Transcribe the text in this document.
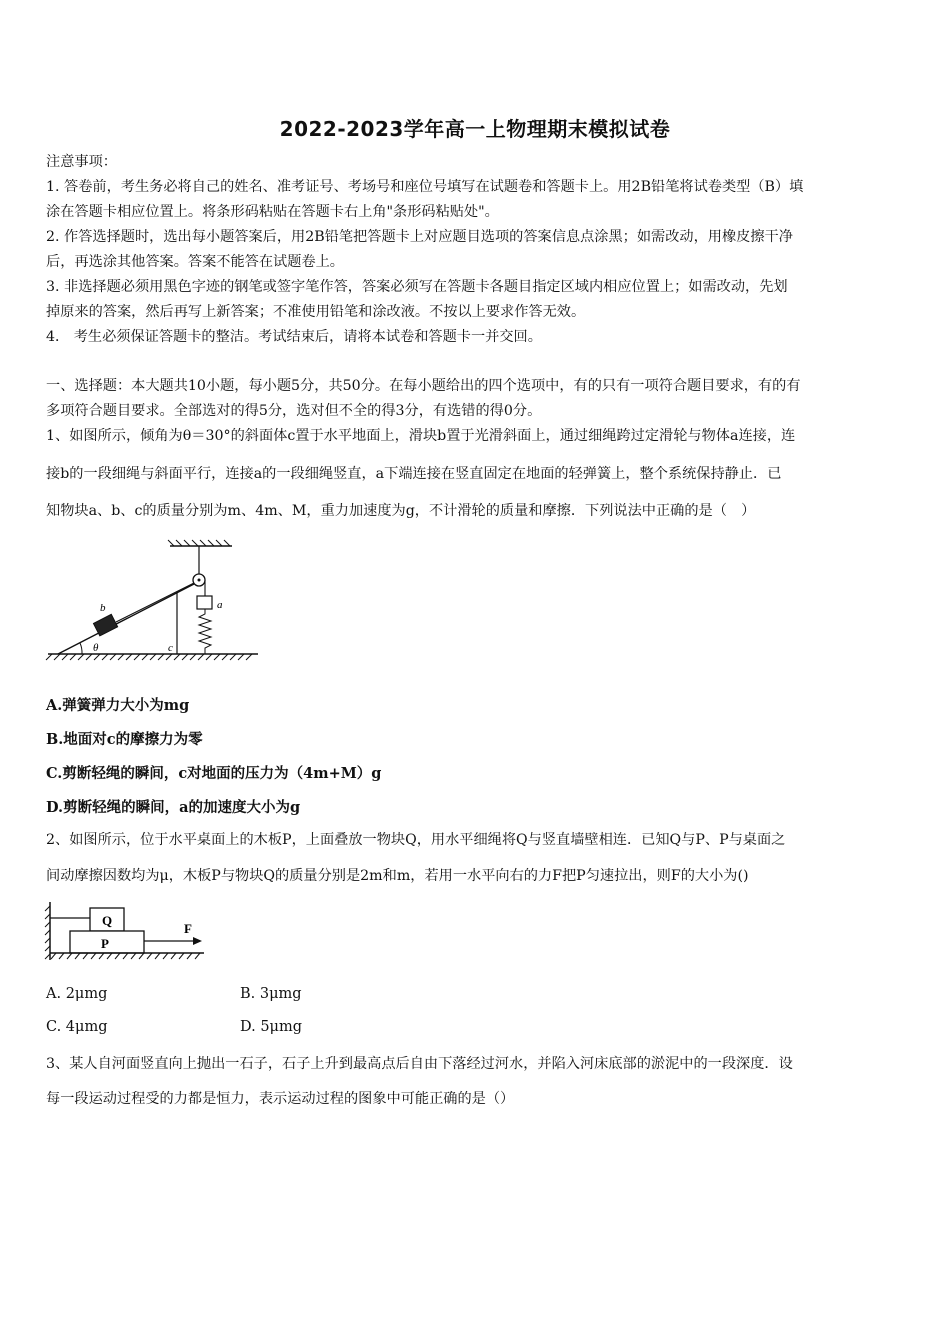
2022-2023学年高一上物理期末模拟试卷
注意事项：
1. 答卷前，考生务必将自己的姓名、准考证号、考场号和座位号填写在试题卷和答题卡上。用2B铅笔将试卷类型（B）填
涂在答题卡相应位置上。将条形码粘贴在答题卡右上角"条形码粘贴处"。
2. 作答选择题时，选出每小题答案后，用2B铅笔把答题卡上对应题目选项的答案信息点涂黑；如需改动，用橡皮擦干净
后，再选涂其他答案。答案不能答在试题卷上。
3. 非选择题必须用黑色字迹的钢笔或签字笔作答，答案必须写在答题卡各题目指定区域内相应位置上；如需改动，先划
掉原来的答案，然后再写上新答案；不准使用铅笔和涂改液。不按以上要求作答无效。
4． 考生必须保证答题卡的整洁。考试结束后，请将本试卷和答题卡一并交回。
一、选择题：本大题共10小题，每小题5分，共50分。在每小题给出的四个选项中，有的只有一项符合题目要求，有的有
多项符合题目要求。全部选对的得5分，选对但不全的得3分，有选错的得0分。
1、如图所示，倾角为θ＝30°的斜面体c置于水平地面上，滑块b置于光滑斜面上，通过细绳跨过定滑轮与物体a连接，连
接b的一段细绳与斜面平行，连接a的一段细绳竖直，a下端连接在竖直固定在地面的轻弹簧上，整个系统保持静止．已
知物块a、b、c的质量分别为m、4m、M，重力加速度为g，不计滑轮的质量和摩擦．下列说法中正确的是（　）
b	a
θ	c
A.弹簧弹力大小为mg
B.地面对c的摩擦力为零
C.剪断轻绳的瞬间，c对地面的压力为（4m+M）g
D.剪断轻绳的瞬间，a的加速度大小为g
2、如图所示，位于水平桌面上的木板P，上面叠放一物块Q，用水平细绳将Q与竖直墙壁相连．已知Q与P、P与桌面之
间动摩擦因数均为μ，木板P与物块Q的质量分别是2m和m，若用一水平向右的力F把P匀速拉出，则F的大小为()
Q
P
F
A. 2μmg	B. 3μmg
C. 4μmg	D. 5μmg
3、某人自河面竖直向上抛出一石子，石子上升到最高点后自由下落经过河水，并陷入河床底部的淤泥中的一段深度．设
每一段运动过程受的力都是恒力，表示运动过程的图象中可能正确的是（）
